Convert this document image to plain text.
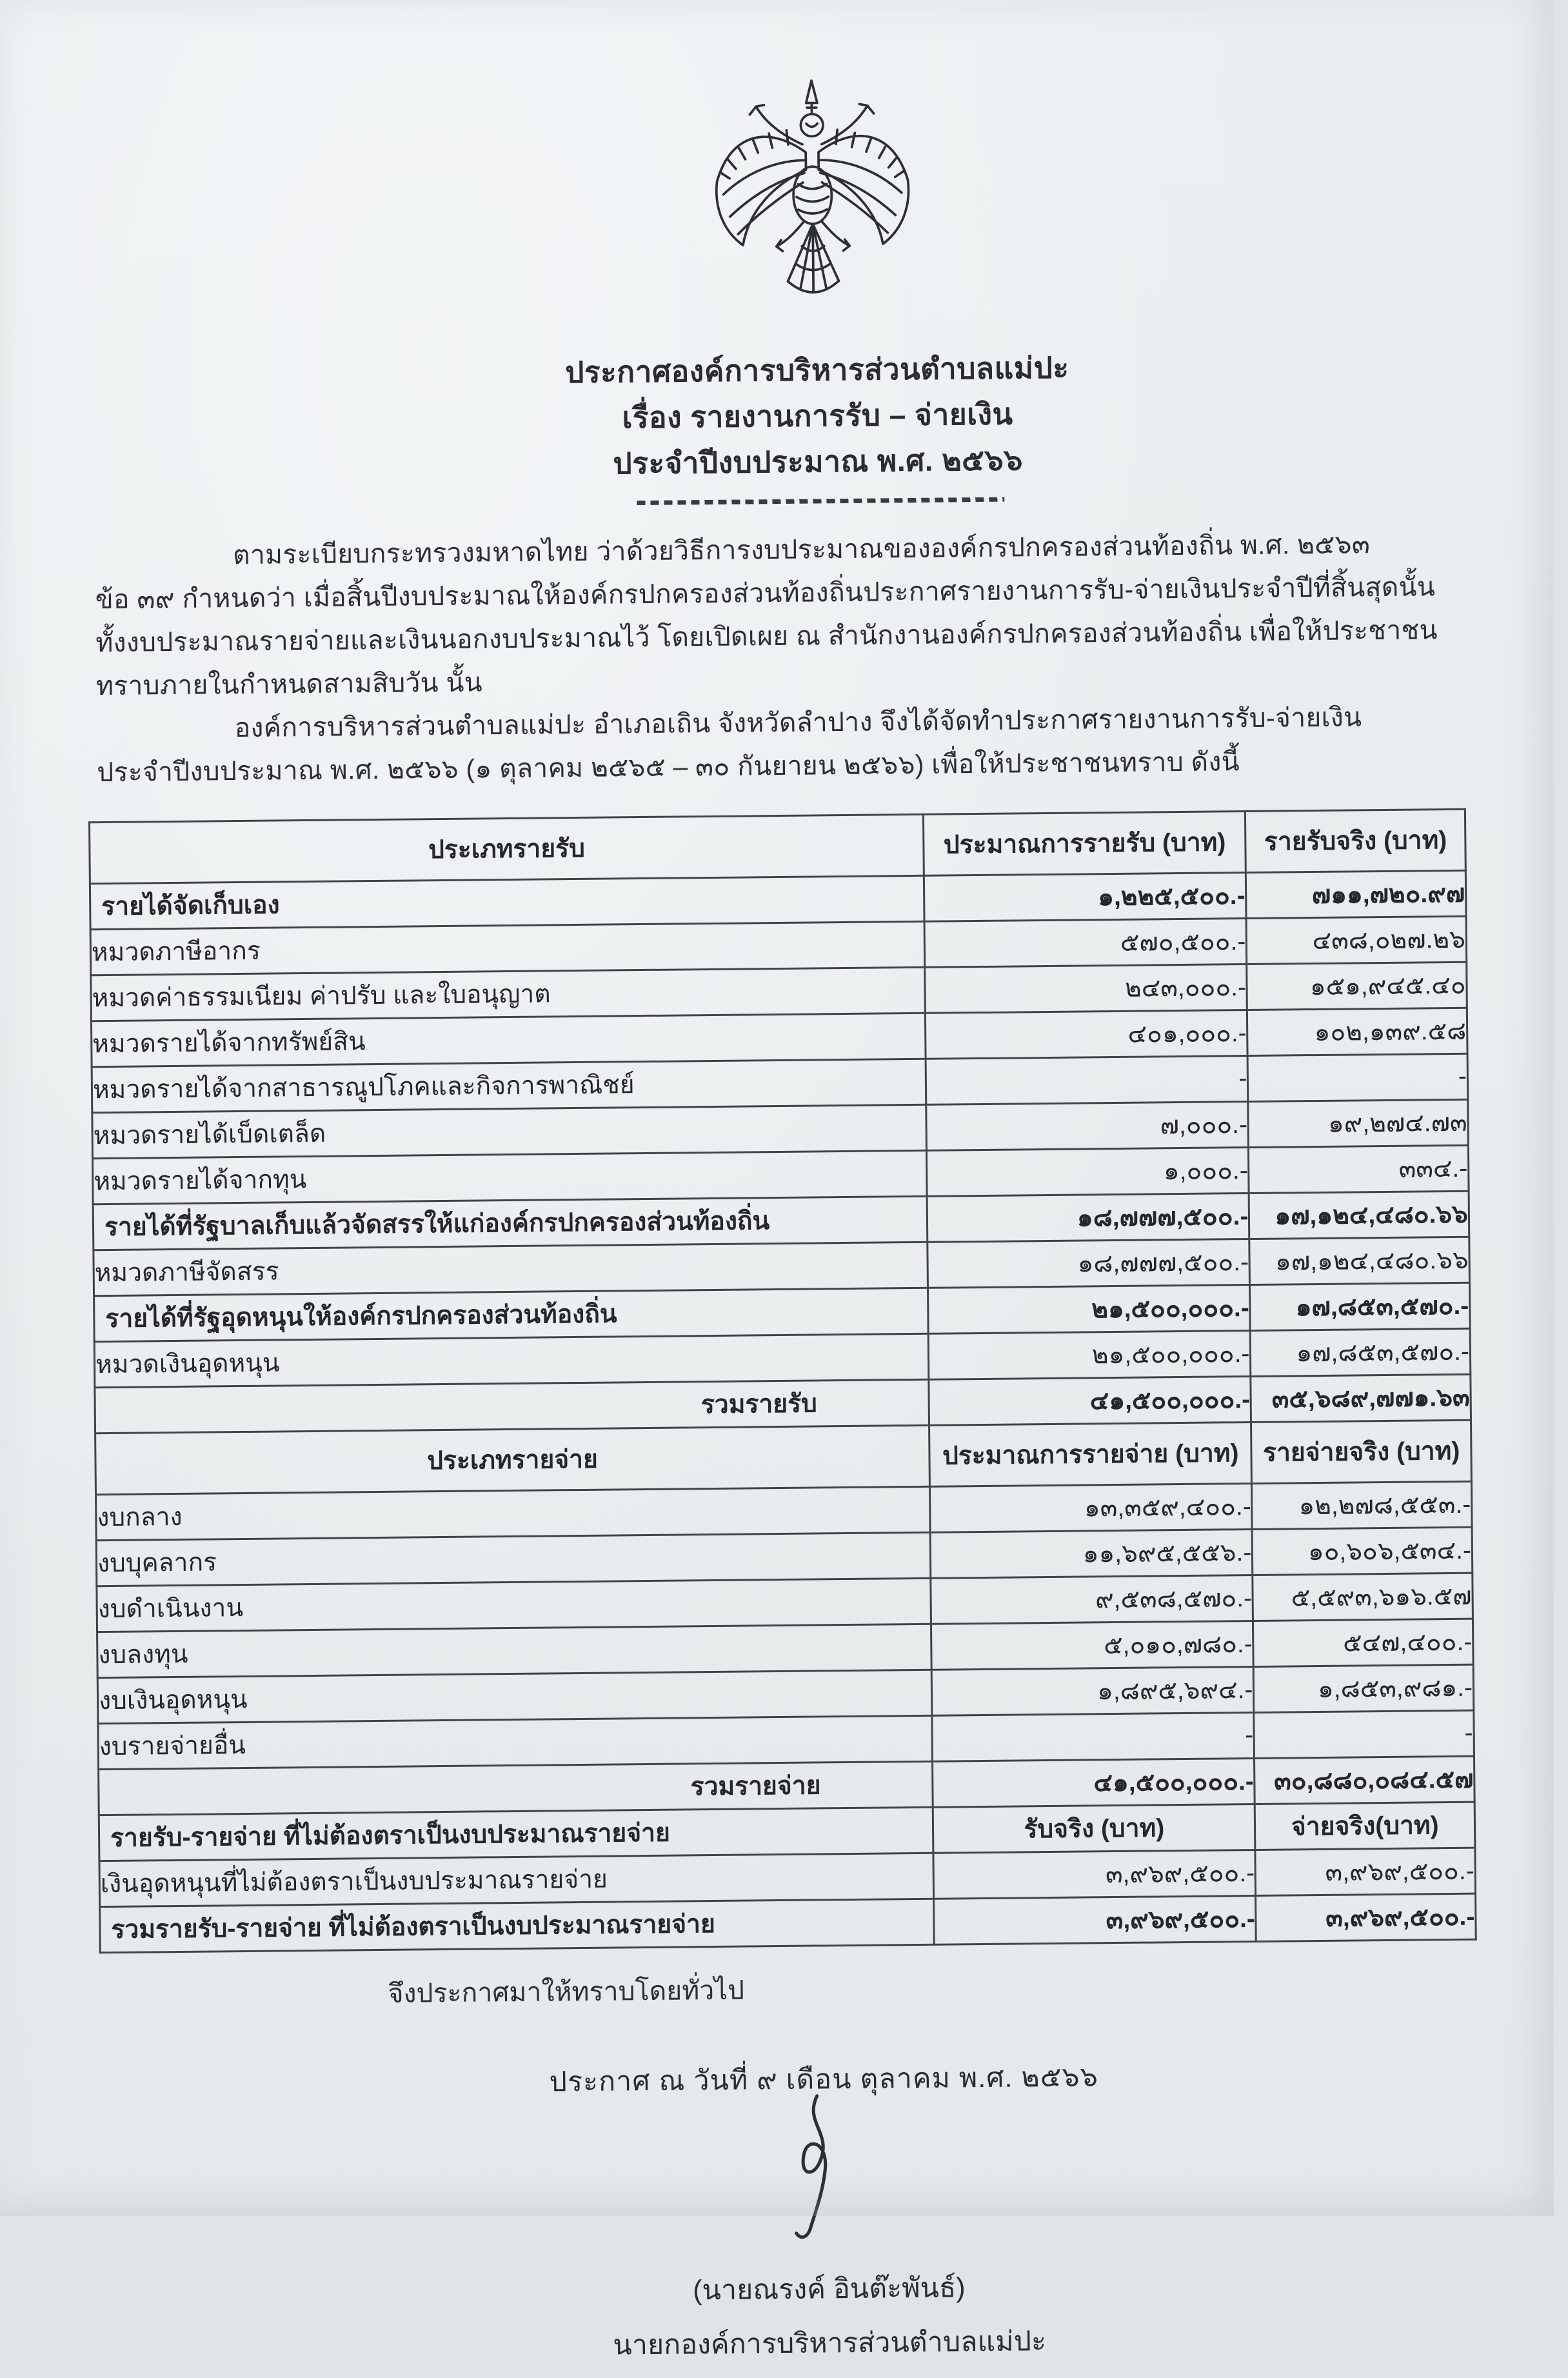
ประกาศองค์การบริหารส่วนตำบลแม่ปะ
เรื่อง รายงานการรับ – จ่ายเงิน
ประจำปีงบประมาณ พ.ศ. ๒๕๖๖
ตามระเบียบกระทรวงมหาดไทย ว่าด้วยวิธีการงบประมาณขององค์กรปกครองส่วนท้องถิ่น พ.ศ. ๒๕๖๓
ข้อ ๓๙ กำหนดว่า เมื่อสิ้นปีงบประมาณให้องค์กรปกครองส่วนท้องถิ่นประกาศรายงานการรับ-จ่ายเงินประจำปีที่สิ้นสุดนั้น
ทั้งงบประมาณรายจ่ายและเงินนอกงบประมาณไว้ โดยเปิดเผย ณ สำนักงานองค์กรปกครองส่วนท้องถิ่น เพื่อให้ประชาชน
ทราบภายในกำหนดสามสิบวัน นั้น
องค์การบริหารส่วนตำบลแม่ปะ อำเภอเถิน จังหวัดลำปาง จึงได้จัดทำประกาศรายงานการรับ-จ่ายเงิน
ประจำปีงบประมาณ พ.ศ. ๒๕๖๖ (๑ ตุลาคม ๒๕๖๕ – ๓๐ กันยายน ๒๕๖๖) เพื่อให้ประชาชนทราบ ดังนี้
ประเภทรายรับ	ประมาณการรายรับ (บาท)	รายรับจริง (บาท)
รายได้จัดเก็บเอง	๑,๒๒๕,๕๐๐.-	๗๑๑,๗๒๐.๙๗
หมวดภาษีอากร	๕๗๐,๕๐๐.-	๔๓๘,๐๒๗.๒๖
หมวดค่าธรรมเนียม ค่าปรับ และใบอนุญาต	๒๔๓,๐๐๐.-	๑๕๑,๙๔๕.๔๐
หมวดรายได้จากทรัพย์สิน	๔๐๑,๐๐๐.-	๑๐๒,๑๓๙.๕๘
หมวดรายได้จากสาธารณูปโภคและกิจการพาณิชย์	-	-
หมวดรายได้เบ็ดเตล็ด	๗,๐๐๐.-	๑๙,๒๗๔.๗๓
หมวดรายได้จากทุน	๑,๐๐๐.-	๓๓๔.-
รายได้ที่รัฐบาลเก็บแล้วจัดสรรให้แก่องค์กรปกครองส่วนท้องถิ่น	๑๘,๗๗๗,๕๐๐.-	๑๗,๑๒๔,๔๘๐.๖๖
หมวดภาษีจัดสรร	๑๘,๗๗๗,๕๐๐.-	๑๗,๑๒๔,๔๘๐.๖๖
รายได้ที่รัฐอุดหนุนให้องค์กรปกครองส่วนท้องถิ่น	๒๑,๕๐๐,๐๐๐.-	๑๗,๘๕๓,๕๗๐.-
หมวดเงินอุดหนุน	๒๑,๕๐๐,๐๐๐.-	๑๗,๘๕๓,๕๗๐.-
รวมรายรับ	๔๑,๕๐๐,๐๐๐.-	๓๕,๖๘๙,๗๗๑.๖๓
ประเภทรายจ่าย	ประมาณการรายจ่าย (บาท)	รายจ่ายจริง (บาท)
งบกลาง	๑๓,๓๕๙,๔๐๐.-	๑๒,๒๗๘,๕๕๓.-
งบบุคลากร	๑๑,๖๙๕,๕๕๖.-	๑๐,๖๐๖,๕๓๔.-
งบดำเนินงาน	๙,๕๓๘,๕๗๐.-	๕,๕๙๓,๖๑๖.๕๗
งบลงทุน	๕,๐๑๐,๗๘๐.-	๕๔๗,๔๐๐.-
งบเงินอุดหนุน	๑,๘๙๕,๖๙๔.-	๑,๘๕๓,๙๘๑.-
งบรายจ่ายอื่น	-	-
รวมรายจ่าย	๔๑,๕๐๐,๐๐๐.-	๓๐,๘๘๐,๐๘๔.๕๗
รายรับ-รายจ่าย ที่ไม่ต้องตราเป็นงบประมาณรายจ่าย	รับจริง (บาท)	จ่ายจริง(บาท)
เงินอุดหนุนที่ไม่ต้องตราเป็นงบประมาณรายจ่าย	๓,๙๖๙,๕๐๐.-	๓,๙๖๙,๕๐๐.-
รวมรายรับ-รายจ่าย ที่ไม่ต้องตราเป็นงบประมาณรายจ่าย	๓,๙๖๙,๕๐๐.-	๓,๙๖๙,๕๐๐.-
จึงประกาศมาให้ทราบโดยทั่วไป
ประกาศ ณ วันที่ ๙ เดือน ตุลาคม พ.ศ. ๒๕๖๖
(นายณรงค์ อินต๊ะพันธ์)
นายกองค์การบริหารส่วนตำบลแม่ปะ
